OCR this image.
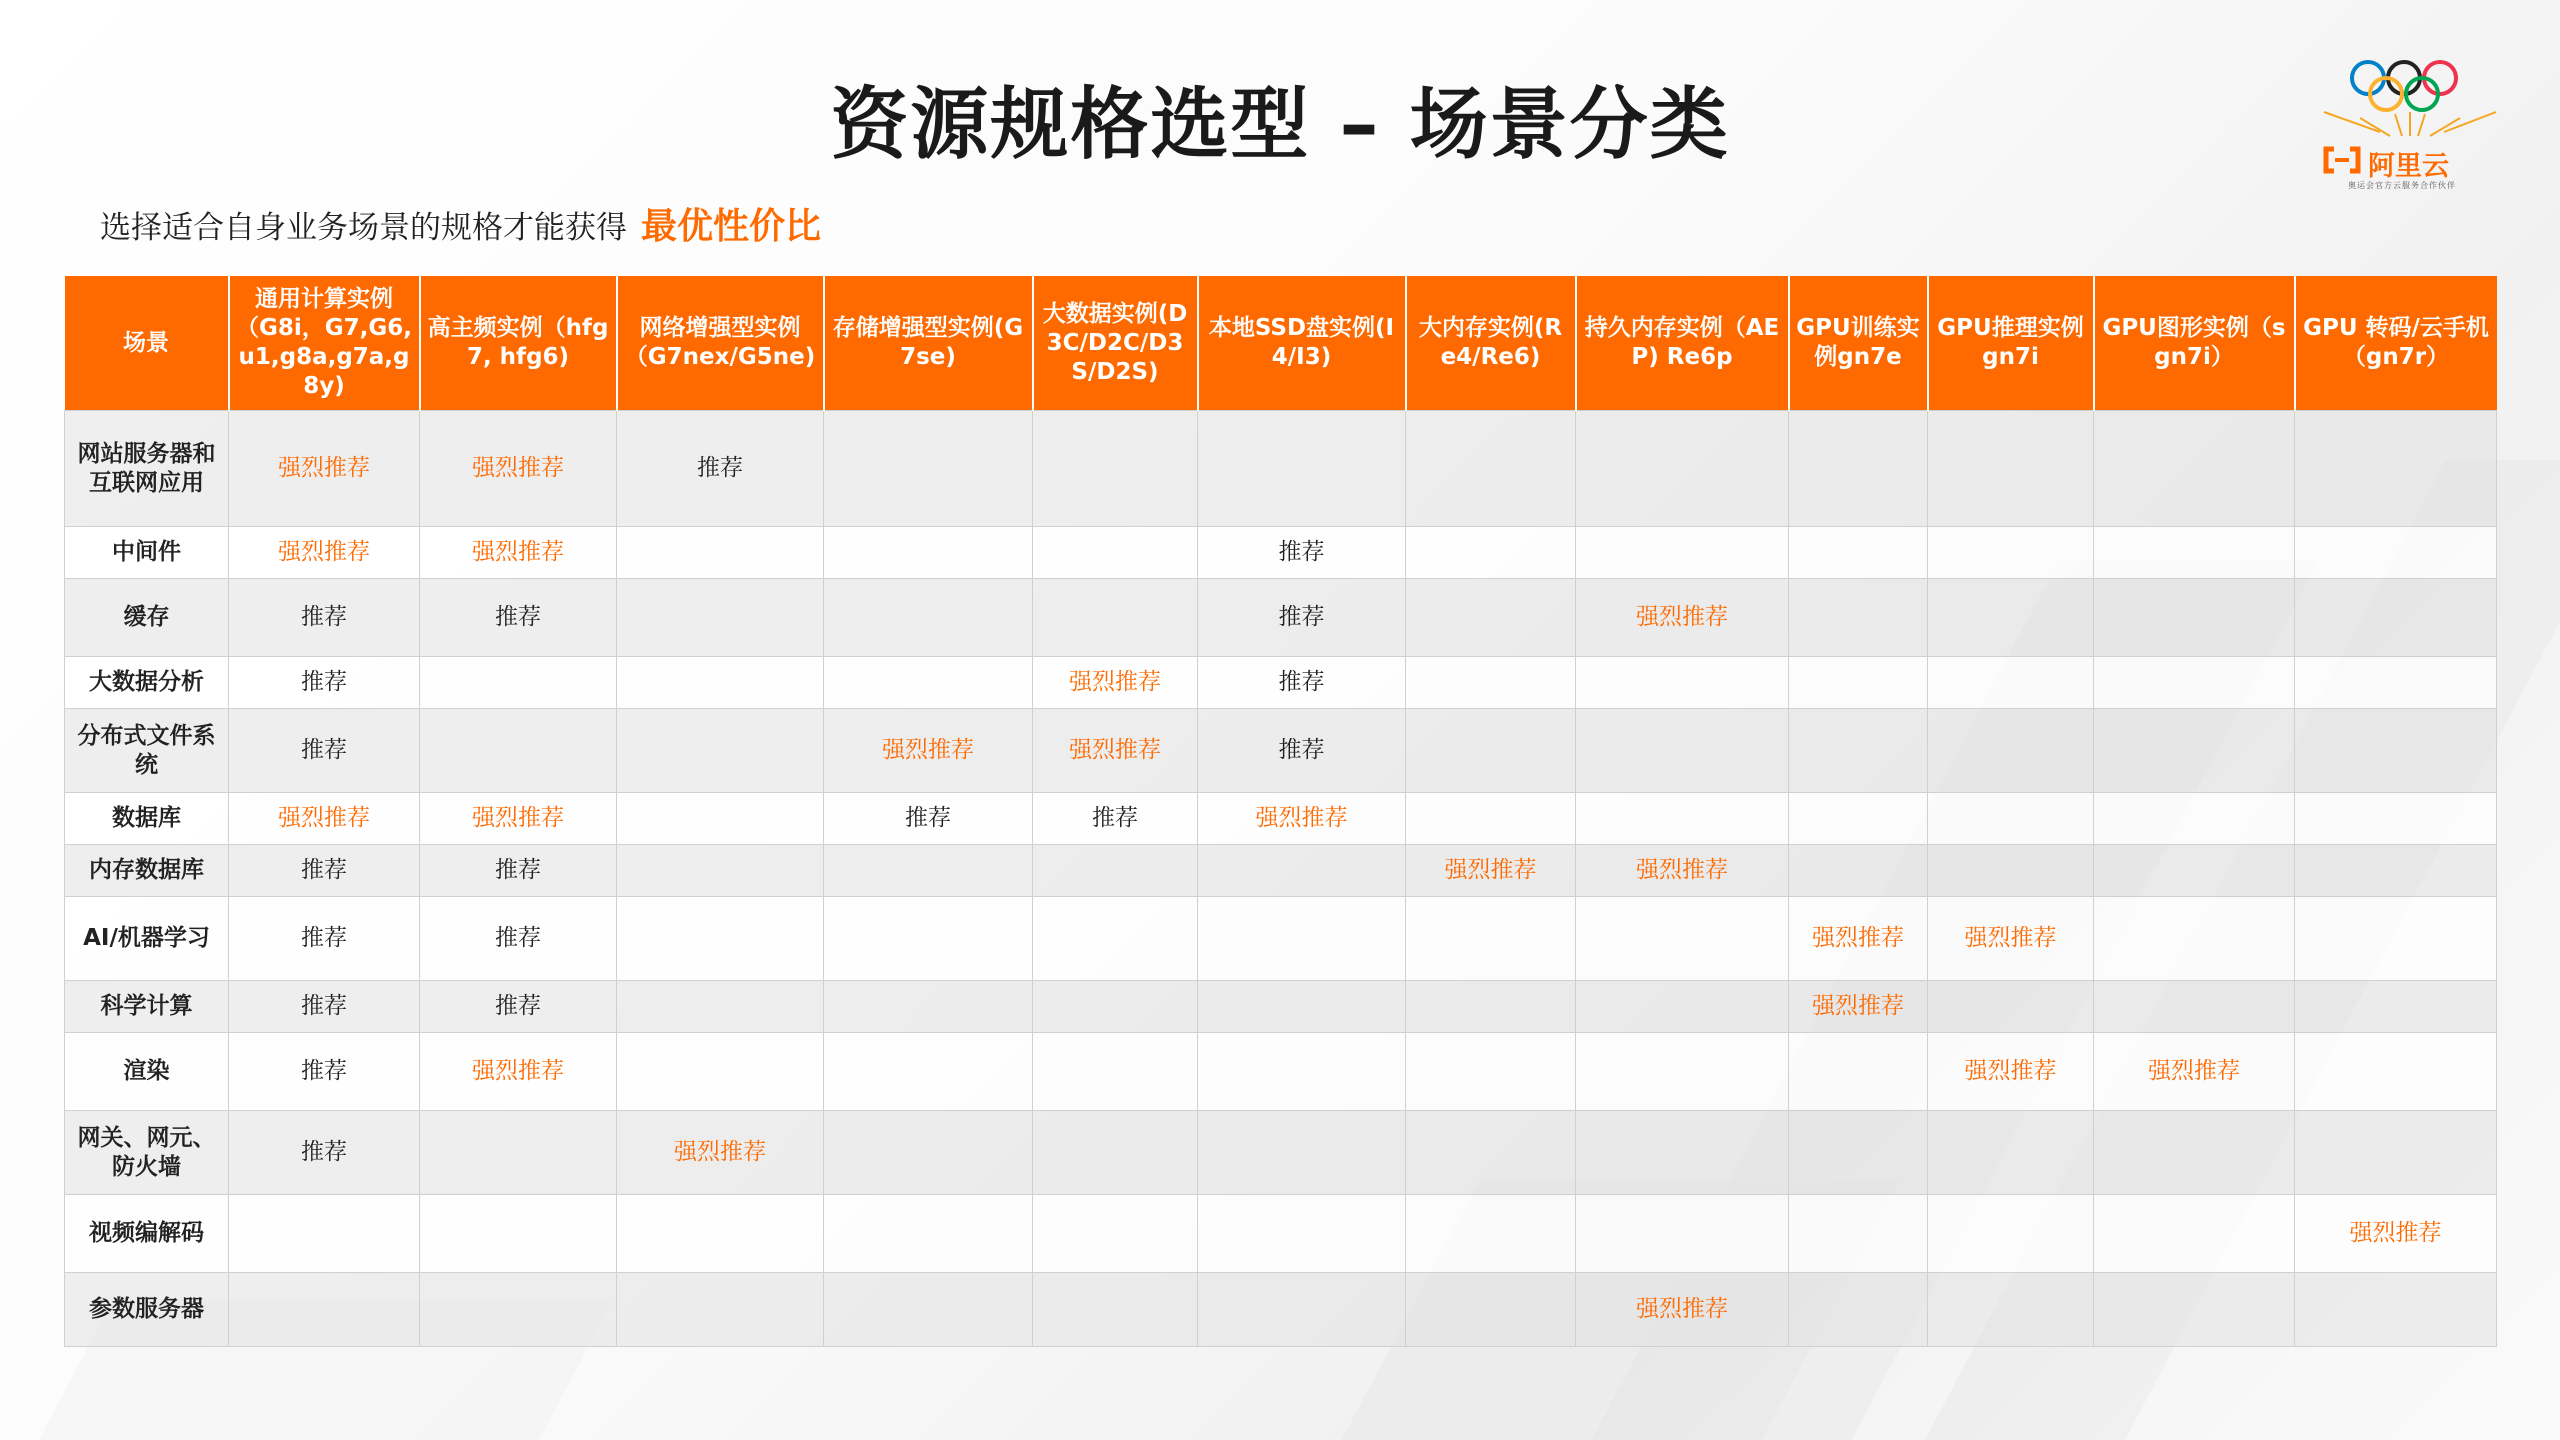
资源规格选型 – 场景分类
选择适合自身业务场景的规格才能获得 最优性价比
阿里云
奥运会官方云服务合作伙伴
场景	通用计算实例（G8i，G7,G6,u1,g8a,g7a,g8y)	高主频实例（hfg7, hfg6)	网络增强型实例（G7nex/G5ne)	存储增强型实例(G7se)	大数据实例(D3C/D2C/D3S/D2S)	本地SSD盘实例(I4/I3)	大内存实例(Re4/Re6)	持久内存实例（AEP) Re6p	GPU训练实例gn7e	GPU推理实例gn7i	GPU图形实例（sgn7i）	GPU 转码/云手机（gn7r）
网站服务器和互联网应用	强烈推荐	强烈推荐	推荐									
中间件	强烈推荐	强烈推荐				推荐						
缓存	推荐	推荐				推荐		强烈推荐				
大数据分析	推荐				强烈推荐	推荐						
分布式文件系统	推荐			强烈推荐	强烈推荐	推荐						
数据库	强烈推荐	强烈推荐		推荐	推荐	强烈推荐						
内存数据库	推荐	推荐					强烈推荐	强烈推荐				
AI/机器学习	推荐	推荐							强烈推荐	强烈推荐		
科学计算	推荐	推荐							强烈推荐			
渲染	推荐	强烈推荐								强烈推荐	强烈推荐	
网关、网元、防火墙	推荐		强烈推荐									
视频编解码												强烈推荐
参数服务器								强烈推荐				
